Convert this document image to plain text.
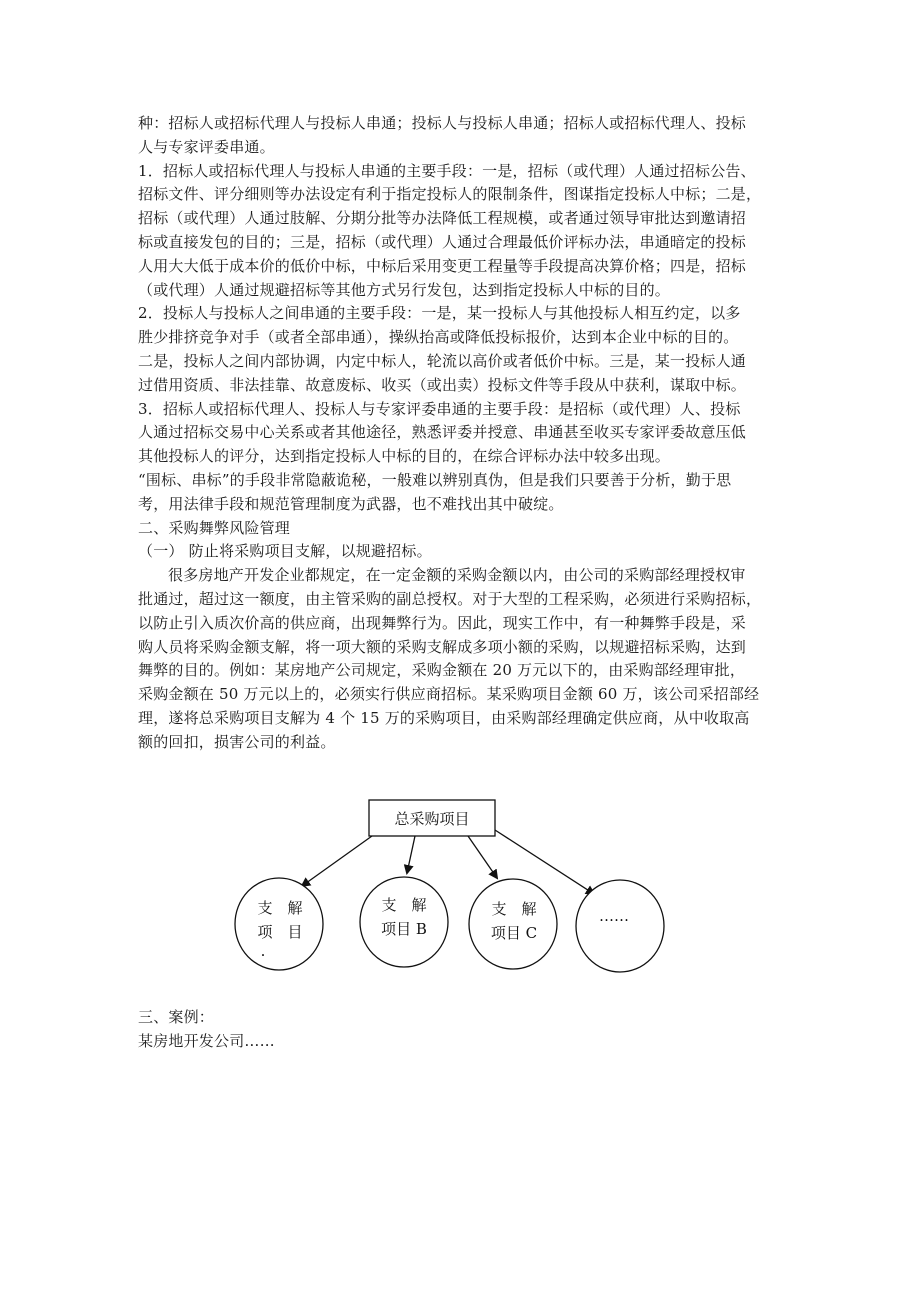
种：招标人或招标代理人与投标人串通；投标人与投标人串通；招标人或招标代理人、投标
人与专家评委串通。
1．招标人或招标代理人与投标人串通的主要手段：一是，招标（或代理）人通过招标公告、
招标文件、评分细则等办法设定有利于指定投标人的限制条件，图谋指定投标人中标；二是，
招标（或代理）人通过肢解、分期分批等办法降低工程规模，或者通过领导审批达到邀请招
标或直接发包的目的；三是，招标（或代理）人通过合理最低价评标办法，串通暗定的投标
人用大大低于成本价的低价中标，中标后采用变更工程量等手段提高决算价格；四是，招标
（或代理）人通过规避招标等其他方式另行发包，达到指定投标人中标的目的。
2．投标人与投标人之间串通的主要手段：一是，某一投标人与其他投标人相互约定，以多
胜少排挤竞争对手（或者全部串通），操纵抬高或降低投标报价，达到本企业中标的目的。
二是，投标人之间内部协调，内定中标人，轮流以高价或者低价中标。三是，某一投标人通
过借用资质、非法挂靠、故意废标、收买（或出卖）投标文件等手段从中获利，谋取中标。
3．招标人或招标代理人、投标人与专家评委串通的主要手段：是招标（或代理）人、投标
人通过招标交易中心关系或者其他途径，熟悉评委并授意、串通甚至收买专家评委故意压低
其他投标人的评分，达到指定投标人中标的目的，在综合评标办法中较多出现。
“围标、串标”的手段非常隐蔽诡秘，一般难以辨别真伪，但是我们只要善于分析，勤于思
考，用法律手段和规范管理制度为武器，也不难找出其中破绽。
二、采购舞弊风险管理
（一） 防止将采购项目支解，以规避招标。
很多房地产开发企业都规定，在一定金额的采购金额以内，由公司的采购部经理授权审
批通过，超过这一额度，由主管采购的副总授权。对于大型的工程采购，必须进行采购招标，
以防止引入质次价高的供应商，出现舞弊行为。因此，现实工作中，有一种舞弊手段是，采
购人员将采购金额支解，将一项大额的采购支解成多项小额的采购，以规避招标采购，达到
舞弊的目的。例如：某房地产公司规定，采购金额在 20 万元以下的，由采购部经理审批，
采购金额在 50 万元以上的，必须实行供应商招标。某采购项目金额 60 万，该公司采招部经
理，遂将总采购项目支解为 4 个 15 万的采购项目，由采购部经理确定供应商，从中收取高
额的回扣，损害公司的利益。
总采购项目
支　解
项　目
·
支　解
项目 B
支　解
项目 C
……
三、案例：
某房地开发公司……
